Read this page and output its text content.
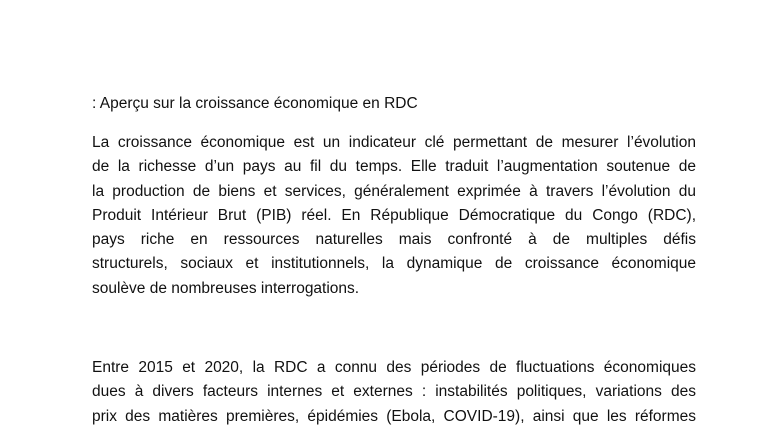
: Aperçu sur la croissance économique en RDC

La croissance économique est un indicateur clé permettant de mesurer l’évolution
de la richesse d’un pays au fil du temps. Elle traduit l’augmentation soutenue de
la production de biens et services, généralement exprimée à travers l’évolution du
Produit Intérieur Brut (PIB) réel. En République Démocratique du Congo (RDC),
pays riche en ressources naturelles mais confronté à de multiples défis
structurels, sociaux et institutionnels, la dynamique de croissance économique
soulève de nombreuses interrogations.
Entre 2015 et 2020, la RDC a connu des périodes de fluctuations économiques
dues à divers facteurs internes et externes : instabilités politiques, variations des
prix des matières premières, épidémies (Ebola, COVID-19), ainsi que les réformes
